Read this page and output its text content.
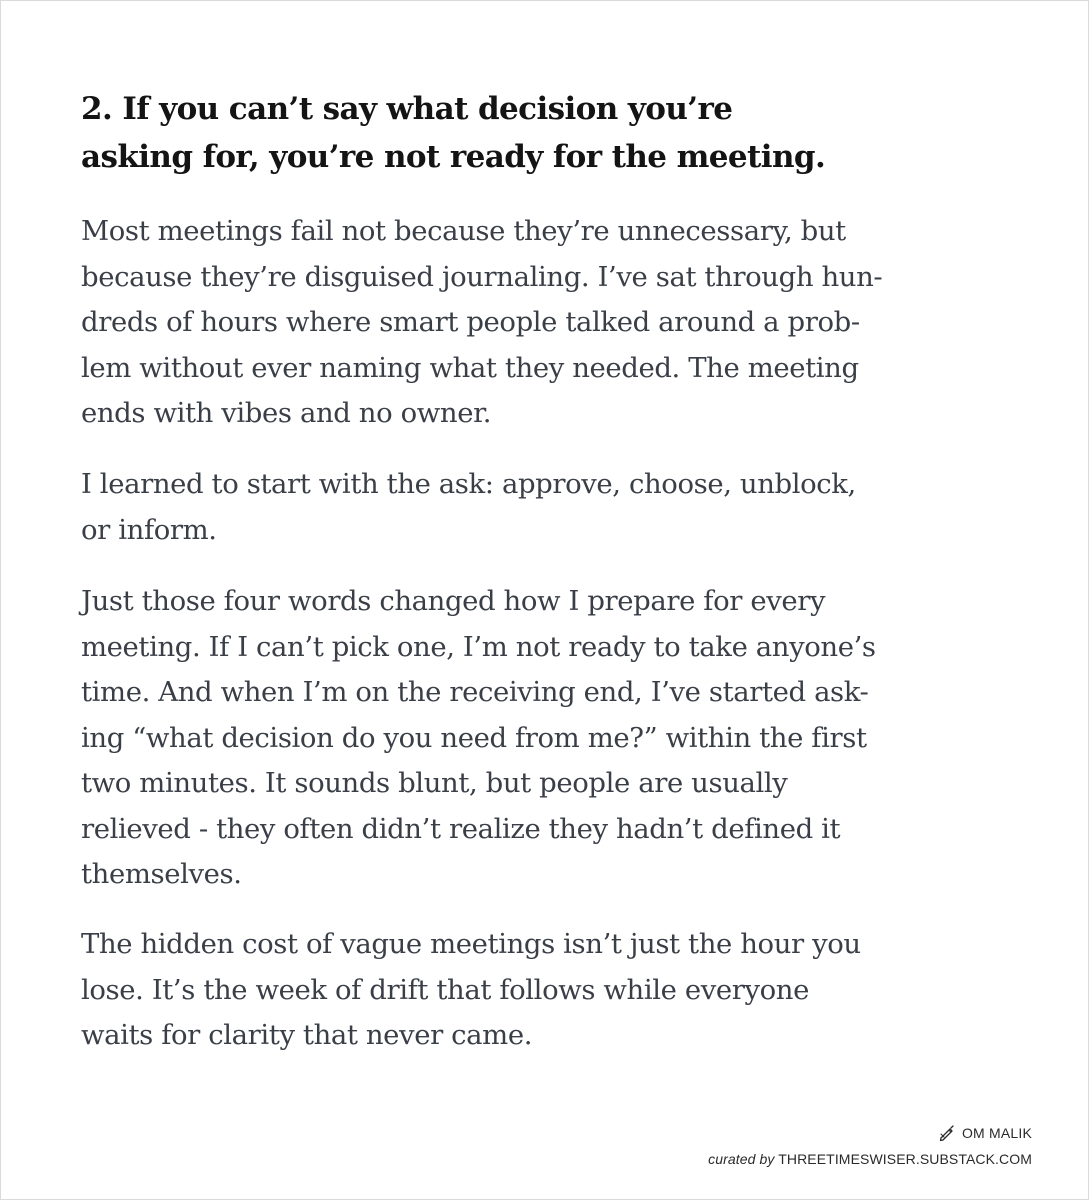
2. If you can’t say what decision you’re
asking for, you’re not ready for the meeting.

Most meetings fail not because they’re unnecessary, but
because they’re disguised journaling. I’ve sat through hun-
dreds of hours where smart people talked around a prob-
lem without ever naming what they needed. The meeting
ends with vibes and no owner.

I learned to start with the ask: approve, choose, unblock,
or inform.

Just those four words changed how I prepare for every
meeting. If I can’t pick one, I’m not ready to take anyone’s
time. And when I’m on the receiving end, I’ve started ask-
ing “what decision do you need from me?” within the first
two minutes. It sounds blunt, but people are usually
relieved - they often didn’t realize they hadn’t defined it
themselves.

The hidden cost of vague meetings isn’t just the hour you
lose. It’s the week of drift that follows while everyone
waits for clarity that never came.

OM MALIK
curated by THREETIMESWISER.SUBSTACK.COM
